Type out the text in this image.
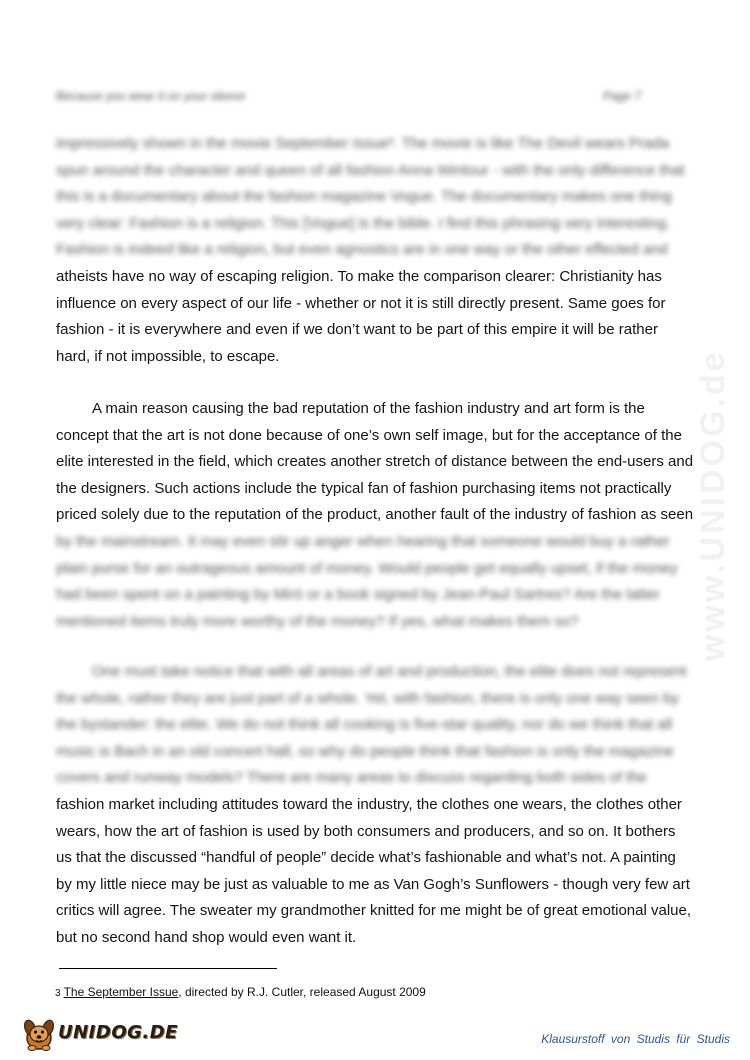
Because you wear it on your sleeve	Page 7
www.UNIDOG.de
impressively shown in the movie September Issue³. The movie is like The Devil wears Prada
spun around the character and queen of all fashion Anna Wintour - with the only difference that
this is a documentary about the fashion magazine Vogue. The documentary makes one thing
very clear: Fashion is a religion. This [Vogue] is the bible. I find this phrasing very interesting.
Fashion is indeed like a religion, but even agnostics are in one way or the other effected and
atheists have no way of escaping religion. To make the comparison clearer: Christianity has
influence on every aspect of our life - whether or not it is still directly present. Same goes for
fashion - it is everywhere and even if we don’t want to be part of this empire it will be rather
hard, if not impossible, to escape.
A main reason causing the bad reputation of the fashion industry and art form is the
concept that the art is not done because of one’s own self image, but for the acceptance of the
elite interested in the field, which creates another stretch of distance between the end-users and
the designers. Such actions include the typical fan of fashion purchasing items not practically
priced solely due to the reputation of the product, another fault of the industry of fashion as seen
by the mainstream. It may even stir up anger when hearing that someone would buy a rather
plain purse for an outrageous amount of money. Would people get equally upset, if the money
had been spent on a painting by Miró or a book signed by Jean-Paul Sartres? Are the latter
mentioned items truly more worthy of the money? If yes, what makes them so?
One must take notice that with all areas of art and production, the elite does not represent
the whole, rather they are just part of a whole. Yet, with fashion, there is only one way seen by
the bystander: the elite. We do not think all cooking is five-star quality, nor do we think that all
music is Bach in an old concert hall, so why do people think that fashion is only the magazine
covers and runway models? There are many areas to discuss regarding both sides of the
fashion market including attitudes toward the industry, the clothes one wears, the clothes other
wears, how the art of fashion is used by both consumers and producers, and so on. It bothers
us that the discussed “handful of people” decide what’s fashionable and what’s not. A painting
by my little niece may be just as valuable to me as Van Gogh’s Sunflowers - though very few art
critics will agree. The sweater my grandmother knitted for me might be of great emotional value,
but no second hand shop would even want it.
3 The September Issue, directed by R.J. Cutler, released August 2009
UNIDOG.DE	Klausurstoff von Studis für Studis
